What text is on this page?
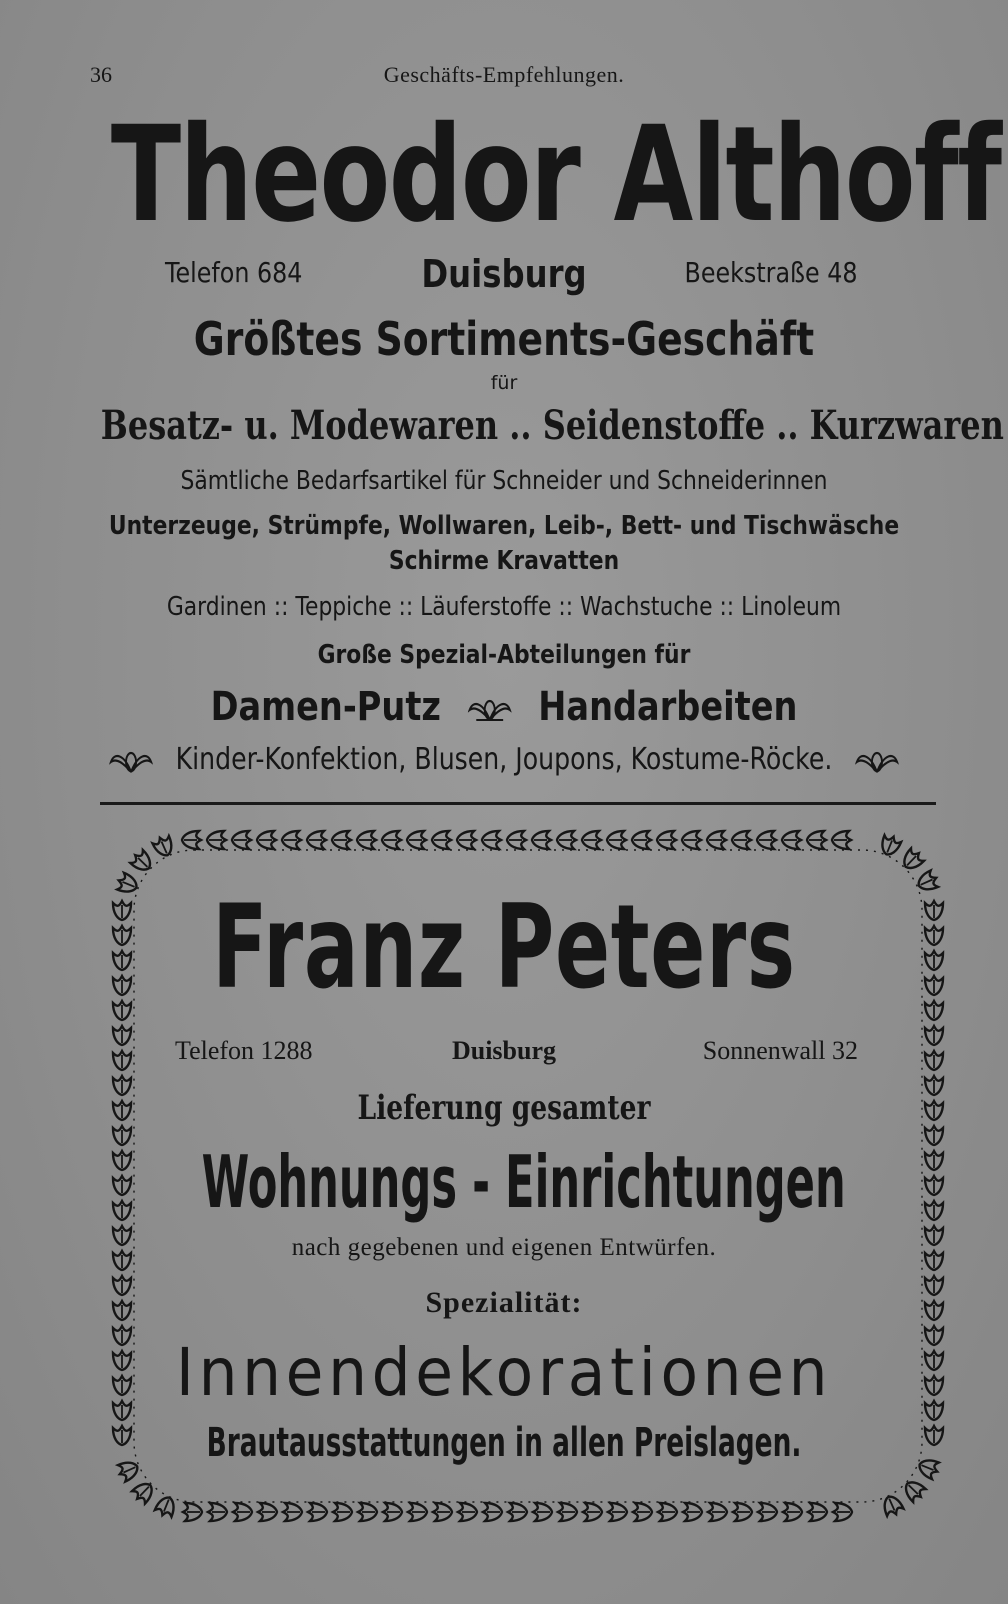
36	Geschäfts-Empfehlungen.
Theodor Althoff
Telefon 684	Duisburg	Beekstraße 48
Größtes Sortiments-Geschäft
für
Besatz- u. Modewaren .. Seidenstoffe .. Kurzwaren
Sämtliche Bedarfsartikel für Schneider und Schneiderinnen
Unterzeuge, Strümpfe, Wollwaren, Leib-, Bett- und Tischwäsche
Schirme Kravatten
Gardinen :: Teppiche :: Läuferstoffe :: Wachstuche :: Linoleum
Große Spezial-Abteilungen für
Damen-Putz Handarbeiten
Kinder-Konfektion, Blusen, Joupons, Kostume-Röcke.
Franz Peters
Telefon 1288	Duisburg	Sonnenwall 32
Lieferung gesamter
Wohnungs - Einrichtungen
nach gegebenen und eigenen Entwürfen.
Spezialität:
Innendekorationen
Brautausstattungen in allen Preislagen.
